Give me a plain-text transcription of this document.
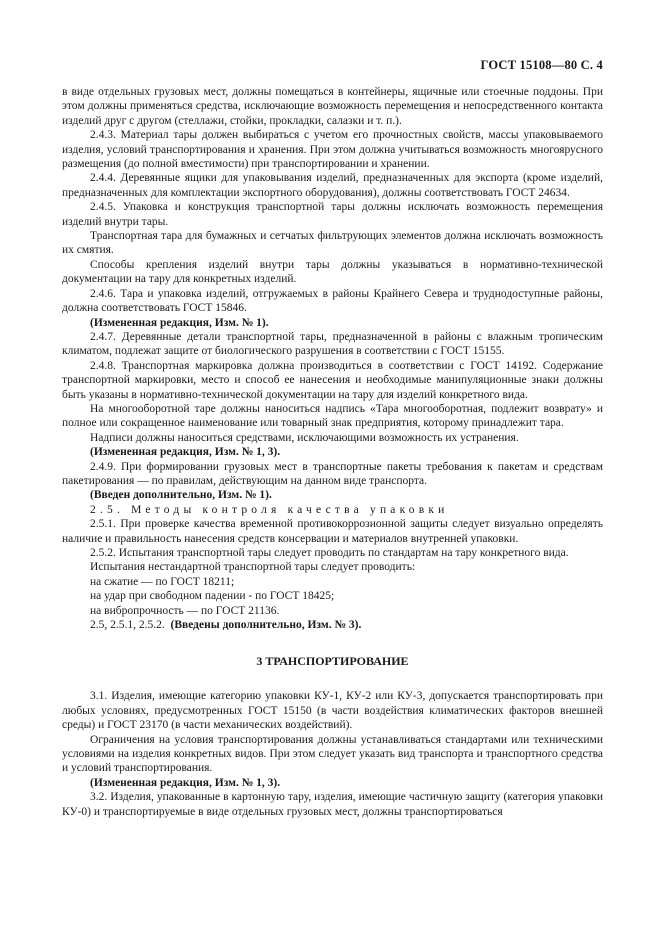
ГОСТ 15108—80 С. 4

в виде отдельных грузовых мест, должны помещаться в контейнеры, ящичные или стоечные поддоны. При этом должны применяться средства, исключающие возможность перемещения и непосредственного контакта изделий друг с другом (стеллажи, стойки, прокладки, салазки и т. п.).

2.4.3. Материал тары должен выбираться с учетом его прочностных свойств, массы упаковываемого изделия, условий транспортирования и хранения. При этом должна учитываться возможность многоярусного размещения (до полной вместимости) при транспортировании и хранении.

2.4.4. Деревянные ящики для упаковывания изделий, предназначенных для экспорта (кроме изделий, предназначенных для комплектации экспортного оборудования), должны соответствовать ГОСТ 24634.

2.4.5. Упаковка и конструкция транспортной тары должны исключать возможность перемещения изделий внутри тары.

Транспортная тара для бумажных и сетчатых фильтрующих элементов должна исключать возможность их смятия.

Способы крепления изделий внутри тары должны указываться в нормативно-технической документации на тару для конкретных изделий.

2.4.6. Тара и упаковка изделий, отгружаемых в районы Крайнего Севера и труднодоступные районы, должна соответствовать ГОСТ 15846.

(Измененная редакция, Изм. № 1).

2.4.7. Деревянные детали транспортной тары, предназначенной в районы с влажным тропическим климатом, подлежат защите от биологического разрушения в соответствии с ГОСТ 15155.

2.4.8. Транспортная маркировка должна производиться в соответствии с ГОСТ 14192. Содержание транспортной маркировки, место и способ ее нанесения и необходимые манипуляционные знаки должны быть указаны в нормативно-технической документации на тару для изделий конкретного вида.

На многооборотной таре должны наноситься надпись «Тара многооборотная, подлежит возврату» и полное или сокращенное наименование или товарный знак предприятия, которому принадлежит тара.

Надписи должны наноситься средствами, исключающими возможность их устранения.

(Измененная редакция, Изм. № 1, 3).

2.4.9. При формировании грузовых мест в транспортные пакеты требования к пакетам и средствам пакетирования — по правилам, действующим на данном виде транспорта.

(Введен дополнительно, Изм. № 1).

2.5. Методы контроля качества упаковки

2.5.1. При проверке качества временной противокоррозионной защиты следует визуально определять наличие и правильность нанесения средств консервации и материалов внутренней упаковки.

2.5.2. Испытания транспортной тары следует проводить по стандартам на тару конкретного вида.

Испытания нестандартной транспортной тары следует проводить:

на сжатие — по ГОСТ 18211;

на удар при свободном падении - по ГОСТ 18425;

на вибропрочность — по ГОСТ 21136.

2.5, 2.5.1, 2.5.2. (Введены дополнительно, Изм. № 3).

3 ТРАНСПОРТИРОВАНИЕ

3.1. Изделия, имеющие категорию упаковки КУ-1, КУ-2 или КУ-3, допускается транспортировать при любых условиях, предусмотренных ГОСТ 15150 (в части воздействия климатических факторов внешней среды) и ГОСТ 23170 (в части механических воздействий).

Ограничения на условия транспортирования должны устанавливаться стандартами или техническими условиями на изделия конкретных видов. При этом следует указать вид транспорта и транспортного средства и условий транспортирования.

(Измененная редакция, Изм. № 1, 3).

3.2. Изделия, упакованные в картонную тару, изделия, имеющие частичную защиту (категория упаковки КУ-0) и транспортируемые в виде отдельных грузовых мест, должны транспортироваться
